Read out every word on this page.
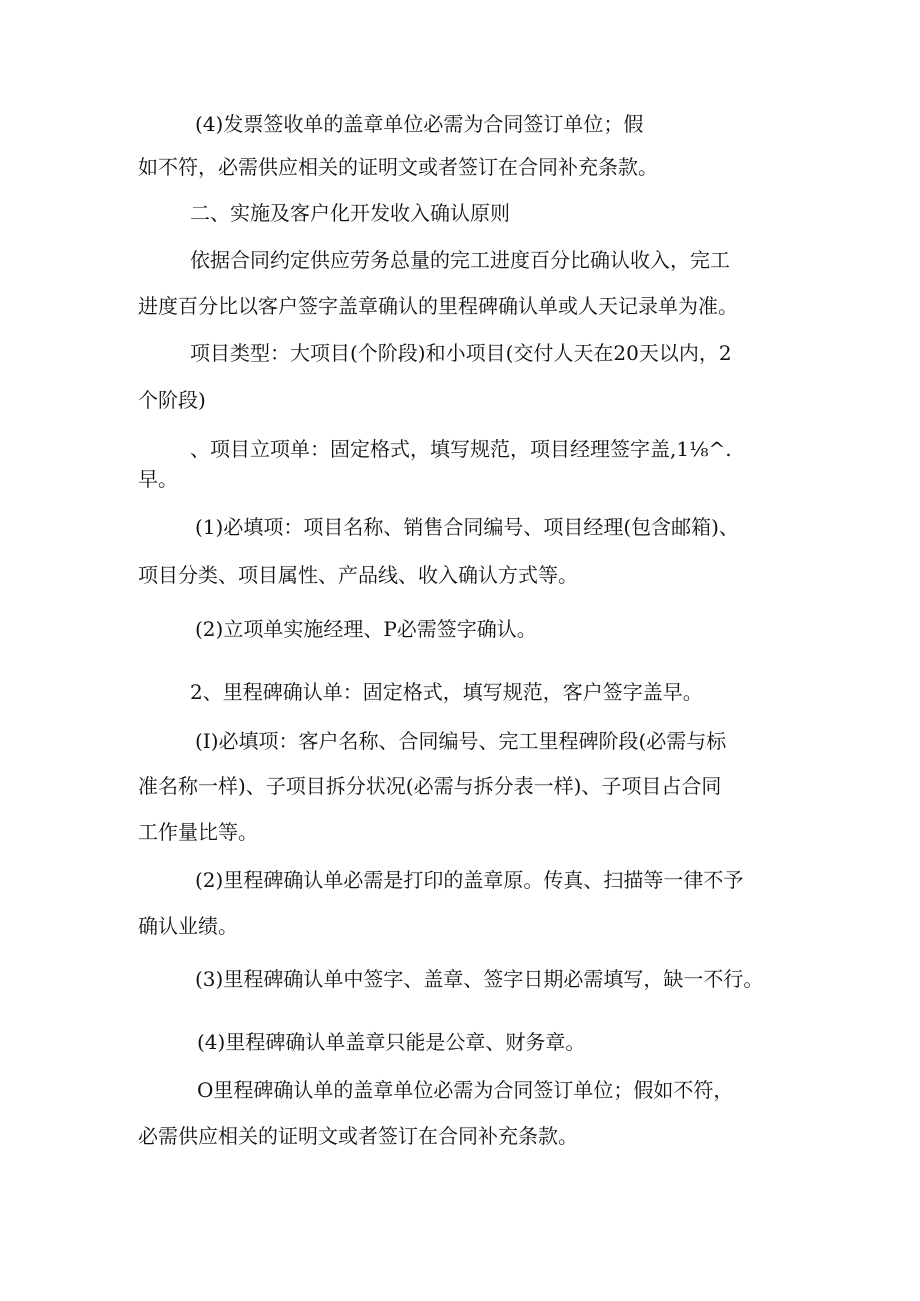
(4)发票签收单的盖章单位必需为合同签订单位；假
如不符，必需供应相关的证明文或者签订在合同补充条款。
二、实施及客户化开发收入确认原则
依据合同约定供应劳务总量的完工进度百分比确认收入，完工
进度百分比以客户签字盖章确认的里程碑确认单或人天记录单为准。
项目类型：大项目(个阶段)和小项目(交付人天在20天以内，2
个阶段)
、项目立项单：固定格式，填写规范，项目经理签字盖,1⅛^.
早。
(1)必填项：项目名称、销售合同编号、项目经理(包含邮箱)、
项目分类、项目属性、产品线、收入确认方式等。
(2)立项单实施经理、P必需签字确认。
2、里程碑确认单：固定格式，填写规范，客户签字盖早。
(I)必填项：客户名称、合同编号、完工里程碑阶段(必需与标
准名称一样)、子项目拆分状况(必需与拆分表一样)、子项目占合同
工作量比等。
(2)里程碑确认单必需是打印的盖章原。传真、扫描等一律不予
确认业绩。
(3)里程碑确认单中签字、盖章、签字日期必需填写，缺一不行。
(4)里程碑确认单盖章只能是公章、财务章。
O里程碑确认单的盖章单位必需为合同签订单位；假如不符，
必需供应相关的证明文或者签订在合同补充条款。
